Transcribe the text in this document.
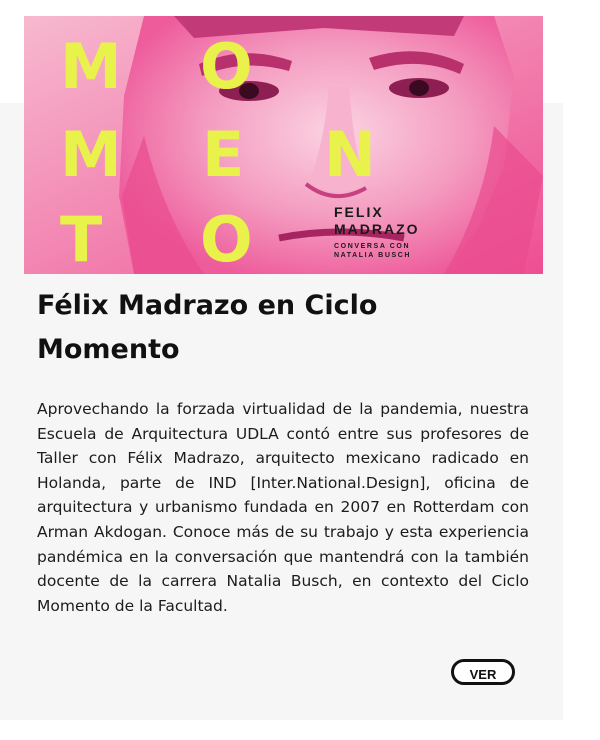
M O
M E N
T O	FELIX
MADRAZO
CONVERSA CON
NATALIA BUSCH
Félix Madrazo en Ciclo Momento

Aprovechando la forzada virtualidad de la pandemia, nuestra Escuela de Arquitectura UDLA contó entre sus profesores de Taller con Félix Madrazo, arquitecto mexicano radicado en Holanda, parte de IND [Inter.National.Design], oficina de arquitectura y urbanismo fundada en 2007 en Rotterdam con Arman Akdogan. Conoce más de su trabajo y esta experiencia pandémica en la conversación que mantendrá con la también docente de la carrera Natalia Busch, en contexto del Ciclo Momento de la Facultad.

VER
